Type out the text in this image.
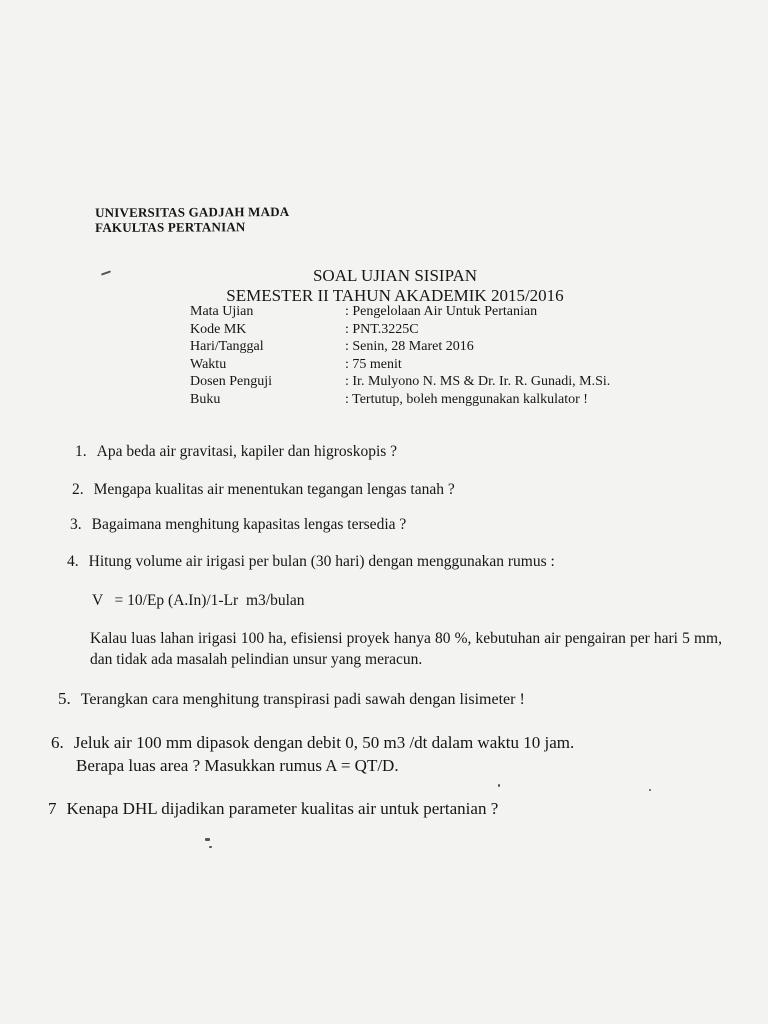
UNIVERSITAS GADJAH MADA
FAKULTAS PERTANIAN
SOAL UJIAN SISIPAN
SEMESTER II TAHUN AKADEMIK 2015/2016
Mata Ujian	: Pengelolaan Air Untuk Pertanian
Kode MK	: PNT.3225C
Hari/Tanggal	: Senin, 28 Maret 2016
Waktu	: 75 menit
Dosen Penguji	: Ir. Mulyono N. MS & Dr. Ir. R. Gunadi, M.Si.
Buku	: Tertutup, boleh menggunakan kalkulator !
1. Apa beda air gravitasi, kapiler dan higroskopis ?
2. Mengapa kualitas air menentukan tegangan lengas tanah ?
3. Bagaimana menghitung kapasitas lengas tersedia ?
4. Hitung volume air irigasi per bulan (30 hari) dengan menggunakan rumus :
V   = 10/Ep (A.In)/1-Lr  m3/bulan
Kalau luas lahan irigasi 100 ha, efisiensi proyek hanya 80 %, kebutuhan air pengairan per hari 5 mm, dan tidak ada masalah pelindian unsur yang meracun.
5. Terangkan cara menghitung transpirasi padi sawah dengan lisimeter !
6. Jeluk air 100 mm dipasok dengan debit 0, 50 m3 /dt dalam waktu 10 jam.
Berapa luas area ? Masukkan rumus A = QT/D.
7 Kenapa DHL dijadikan parameter kualitas air untuk pertanian ?
